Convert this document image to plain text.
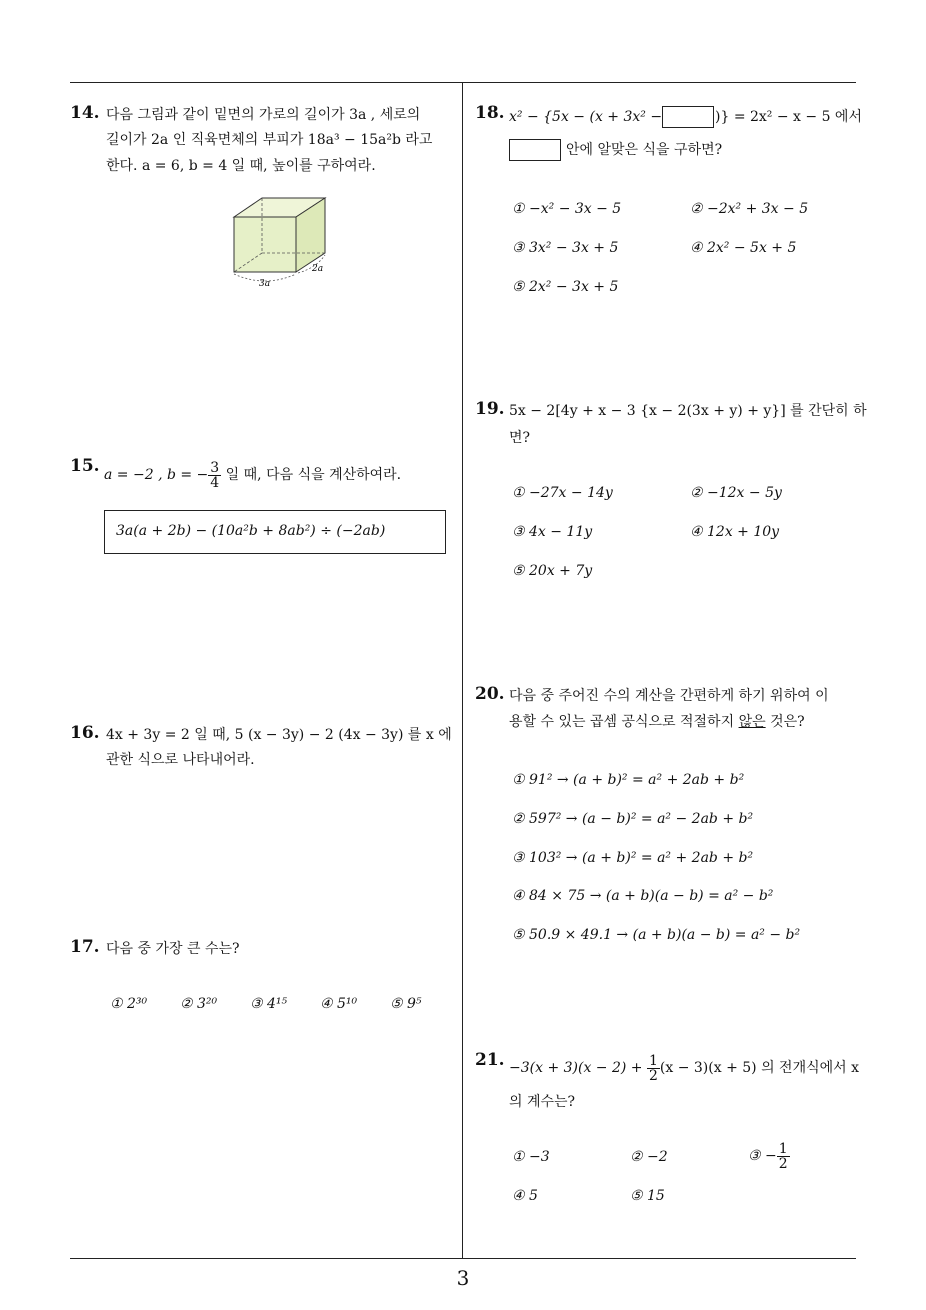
14. 다음 그림과 같이 밑면의 가로의 길이가 3a , 세로의
길이가 2a 인 직육면체의 부피가 18a³ − 15a²b 라고
한다. a = 6, b = 4 일 때, 높이를 구하여라.
3a
2a
15. a = −2 , b = − $\frac{3}{4}$ 일 때, 다음 식을 계산하여라.
3a(a + 2b) − (10a²b + 8ab²) ÷ (−2ab)
16. 4x + 3y = 2 일 때, 5 (x − 3y) − 2 (4x − 3y) 를 x 에
관한 식으로 나타내어라.
17. 다음 중 가장 큰 수는?
① 2³⁰ ② 3²⁰ ③ 4¹⁵ ④ 5¹⁰ ⑤ 9⁵
18. x² − {5x − (x + 3x² −	)} = 2x² − x − 5 에서
안에 알맞은 식을 구하면?
① −x² − 3x − 5	② −2x² + 3x − 5
③ 3x² − 3x + 5	④ 2x² − 5x + 5
⑤ 2x² − 3x + 5
19. 5x − 2[4y + x − 3 {x − 2(3x + y) + y}] 를 간단히 하
면?
① −27x − 14y	② −12x − 5y
③ 4x − 11y	④ 12x + 10y
⑤ 20x + 7y
20. 다음 중 주어진 수의 계산을 간편하게 하기 위하여 이
용할 수 있는 곱셈 공식으로 적절하지 않은 것은?
① 91² → (a + b)² = a² + 2ab + b²
② 597² → (a − b)² = a² − 2ab + b²
③ 103² → (a + b)² = a² + 2ab + b²
④ 84 × 75 → (a + b)(a − b) = a² − b²
⑤ 50.9 × 49.1 → (a + b)(a − b) = a² − b²
21. $-3(x + 3)(x - 2) + \frac{1}{2} (x - 3)(x + 5)$ 의 전개식에서 x
의 계수는?
① −3	② −2	③ − $\frac{1}{2}$
④ 5	⑤ 15
3
